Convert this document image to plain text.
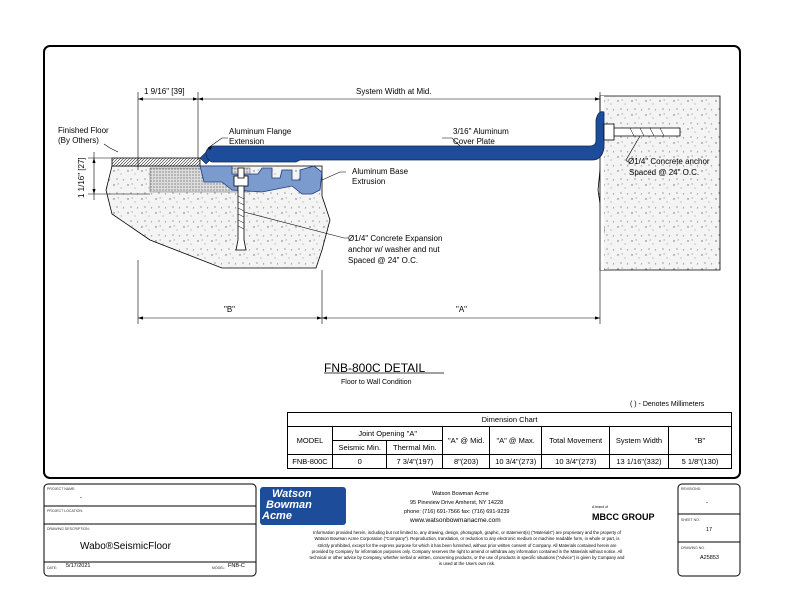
1 9/16" [39]	System Width at Mid.
1 1/16" [27]
Finished Floor
(By Others)
Aluminum Flange
Extension
3/16" Aluminum
Cover Plate
Aluminum Base
Extrusion
Ø1/4" Concrete Expansion
anchor w/ washer and nut
Spaced @ 24" O.C.
Ø1/4" Concrete anchor
Spaced @ 24" O.C.
"B"	"A"
FNB-800C DETAIL
Floor to Wall Condition
( ) - Denotes Millimeters
Dimension Chart							
MODEL	Joint Opening "A"		"A" @ Mid.	"A" @ Max.	Total Movement	System Width	"B"
	Seismic Min.	Thermal Min.					
FNB-800C	0	7 3/4"(197)	8"(203)	10 3/4"(273)	10 3/4"(273)	13 1/16"(332)	5 1/8"(130)
PROJECT NAME:
-
PROJECT LOCATION:
DRAWING DESCRIPTION:
Wabo®SeismicFloor
DATE: 5/17/2021	MODEL: FNB-C
Watson
Bowman
Acme
Watson Bowman Acme
95 Pineview Drive Amherst, NY 14228
phone: (716) 691-7566 fax: (716) 691-9239
www.watsonbowmanacme.com
A brand of
MBCC GROUP
Information provided herein, including but not limited to, any drawing, design, photograph, graphic, or statement(s) ("Materials") are proprietary and the property of
Watson Bowman Acme Corporation ("Company"). Reproduction, translation, or reduction to any electronic medium or machine readable form, in whole or part, is
strictly prohibited, except for the express purpose for which it has been furnished, without prior written consent of Company. All Materials contained herein are
provided by Company for information purposes only. Company reserves the right to amend or withdraw any information contained in the Materials without notice. All
technical or other advice by Company, whether verbal or written, concerning products, or the use of products in specific situations ("Advice") is given by Company and
is used at the Users own risk.
REVISIONS:
-
SHEET NO.
17
DRAWING NO.
A25853
